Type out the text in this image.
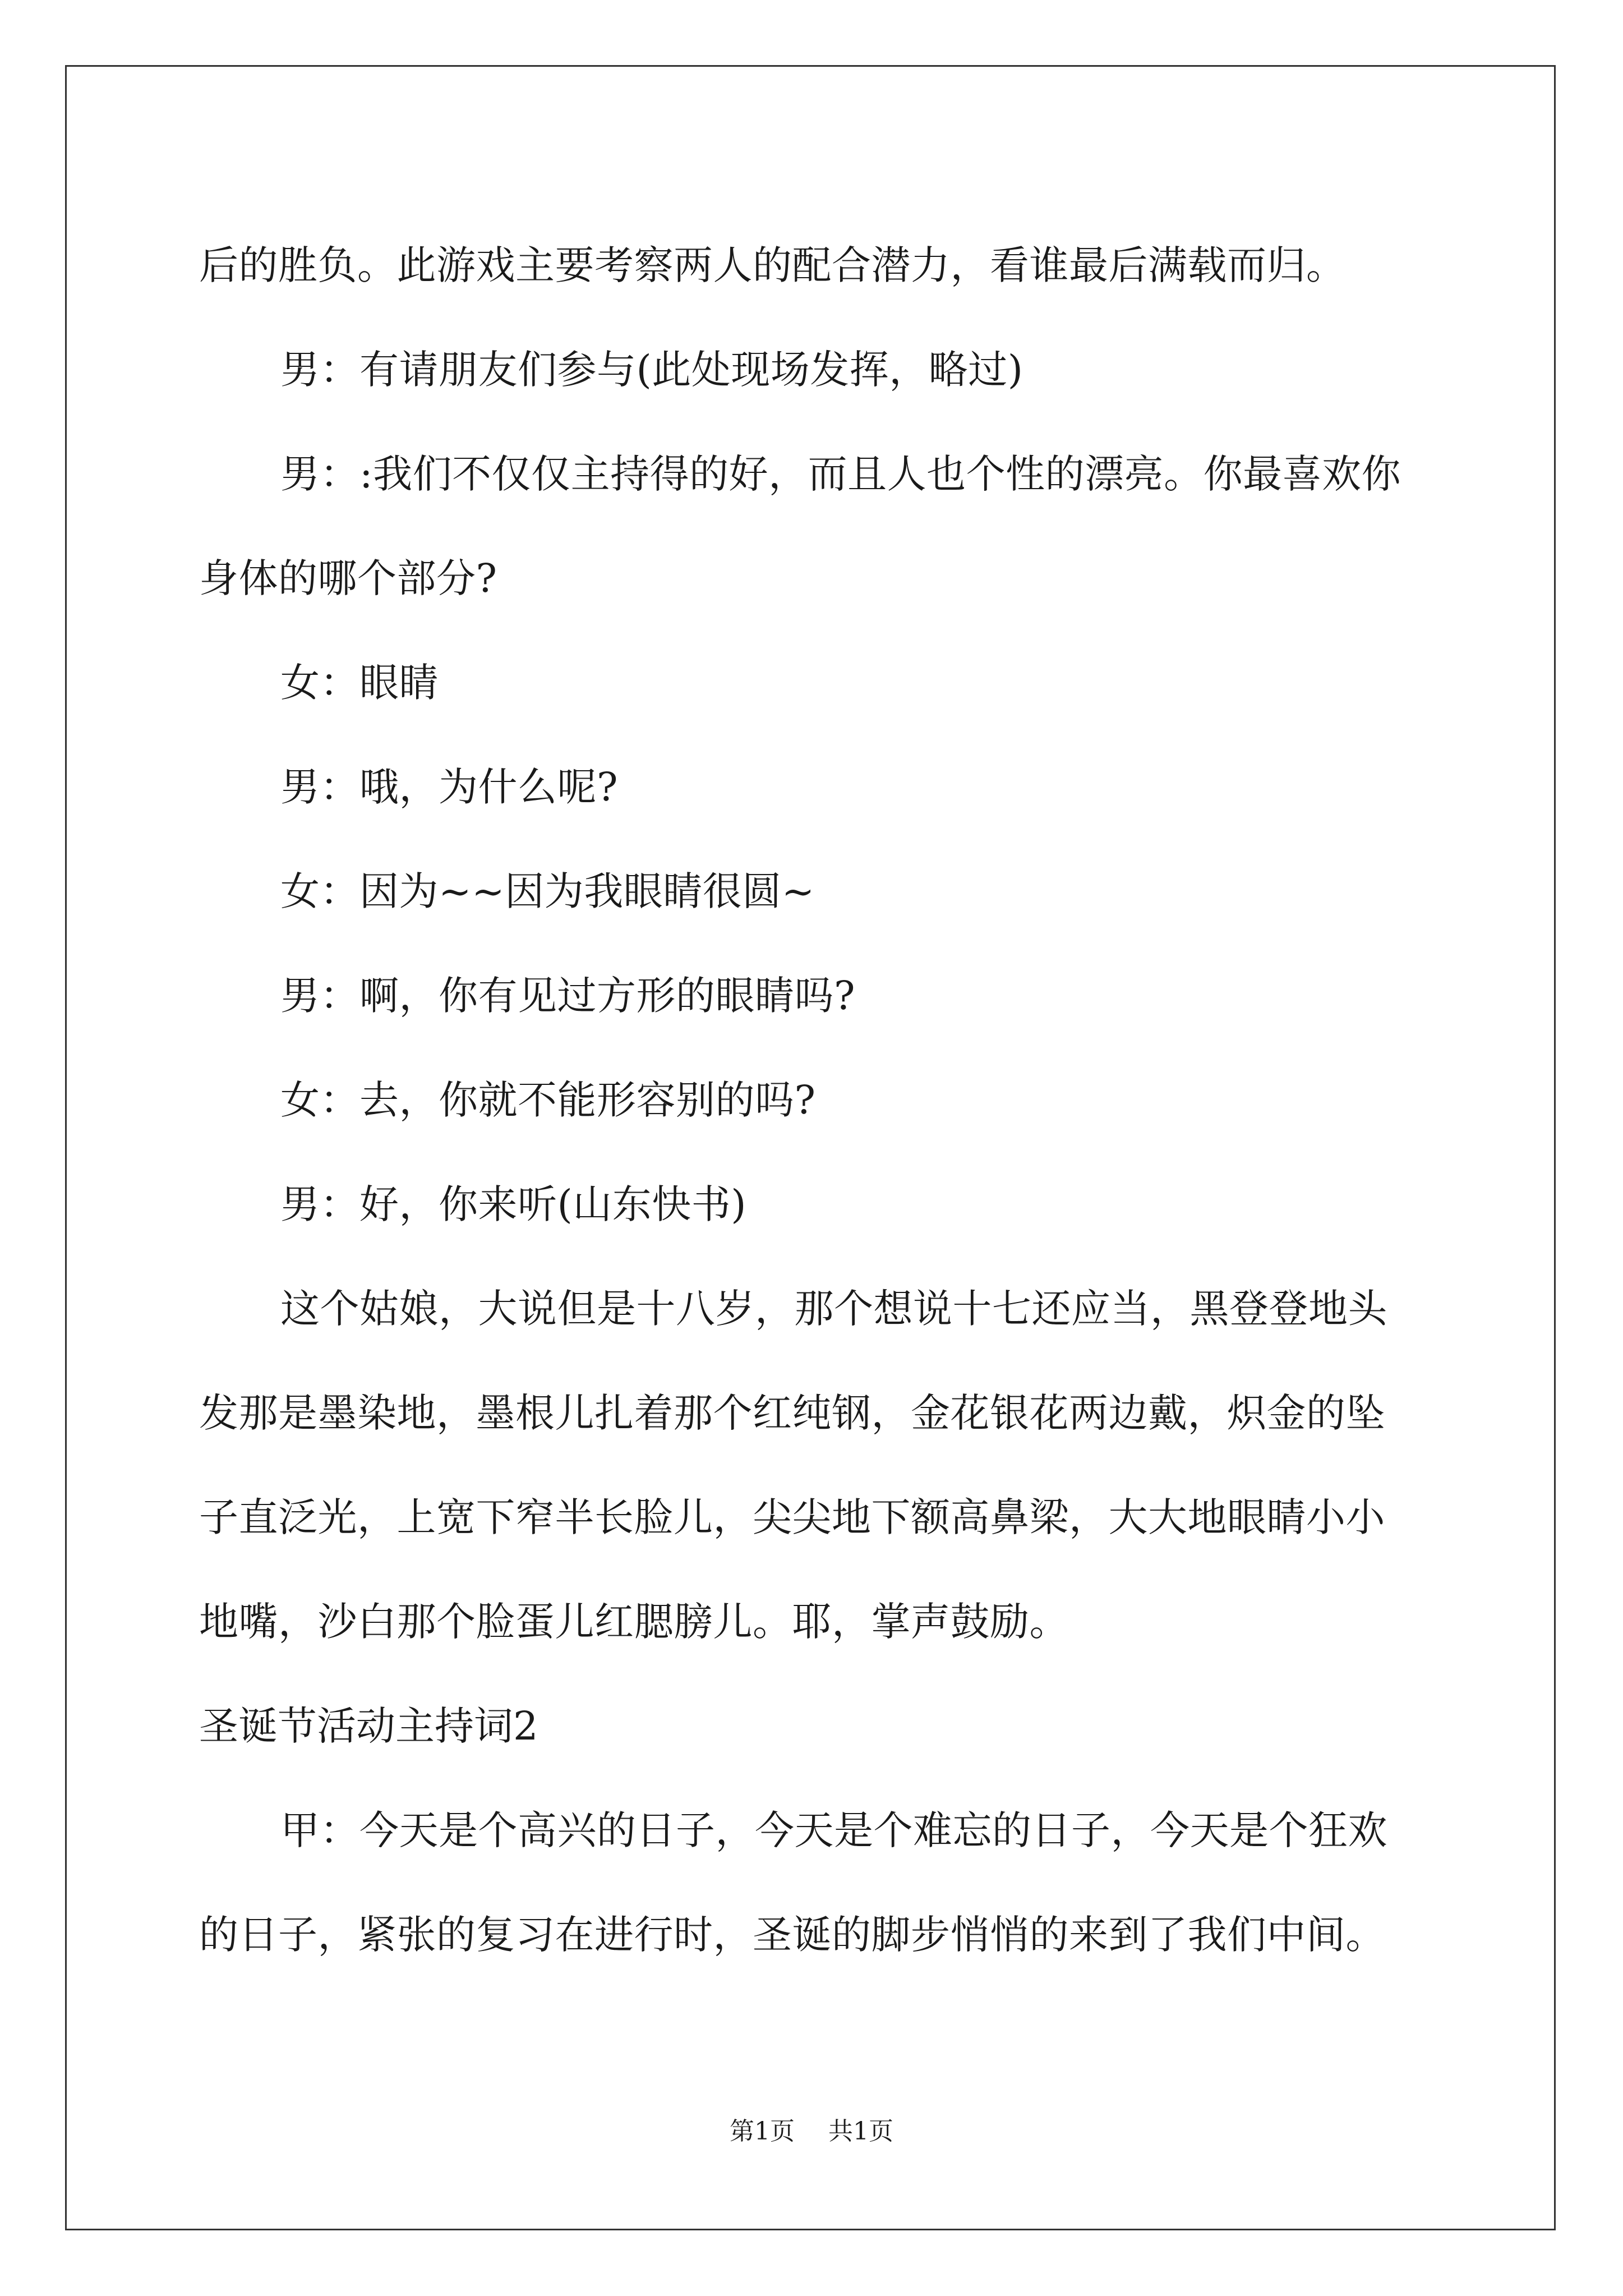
后的胜负。此游戏主要考察两人的配合潜力，看谁最后满载而归。

男：有请朋友们参与(此处现场发挥，略过)

男：:我们不仅仅主持得的好，而且人也个性的漂亮。你最喜欢你

身体的哪个部分?

女：眼睛

男：哦，为什么呢?

女：因为~~因为我眼睛很圆~

男：啊，你有见过方形的眼睛吗?

女：去，你就不能形容别的吗?

男：好，你来听(山东快书)

这个姑娘，大说但是十八岁，那个想说十七还应当，黑登登地头

发那是墨染地，墨根儿扎着那个红纯钢，金花银花两边戴，炽金的坠

子直泛光，上宽下窄半长脸儿，尖尖地下额高鼻梁，大大地眼睛小小

地嘴，沙白那个脸蛋儿红腮膀儿。耶，掌声鼓励。

圣诞节活动主持词2

甲：今天是个高兴的日子，今天是个难忘的日子，今天是个狂欢

的日子，紧张的复习在进行时，圣诞的脚步悄悄的来到了我们中间。

第1页 共1页
